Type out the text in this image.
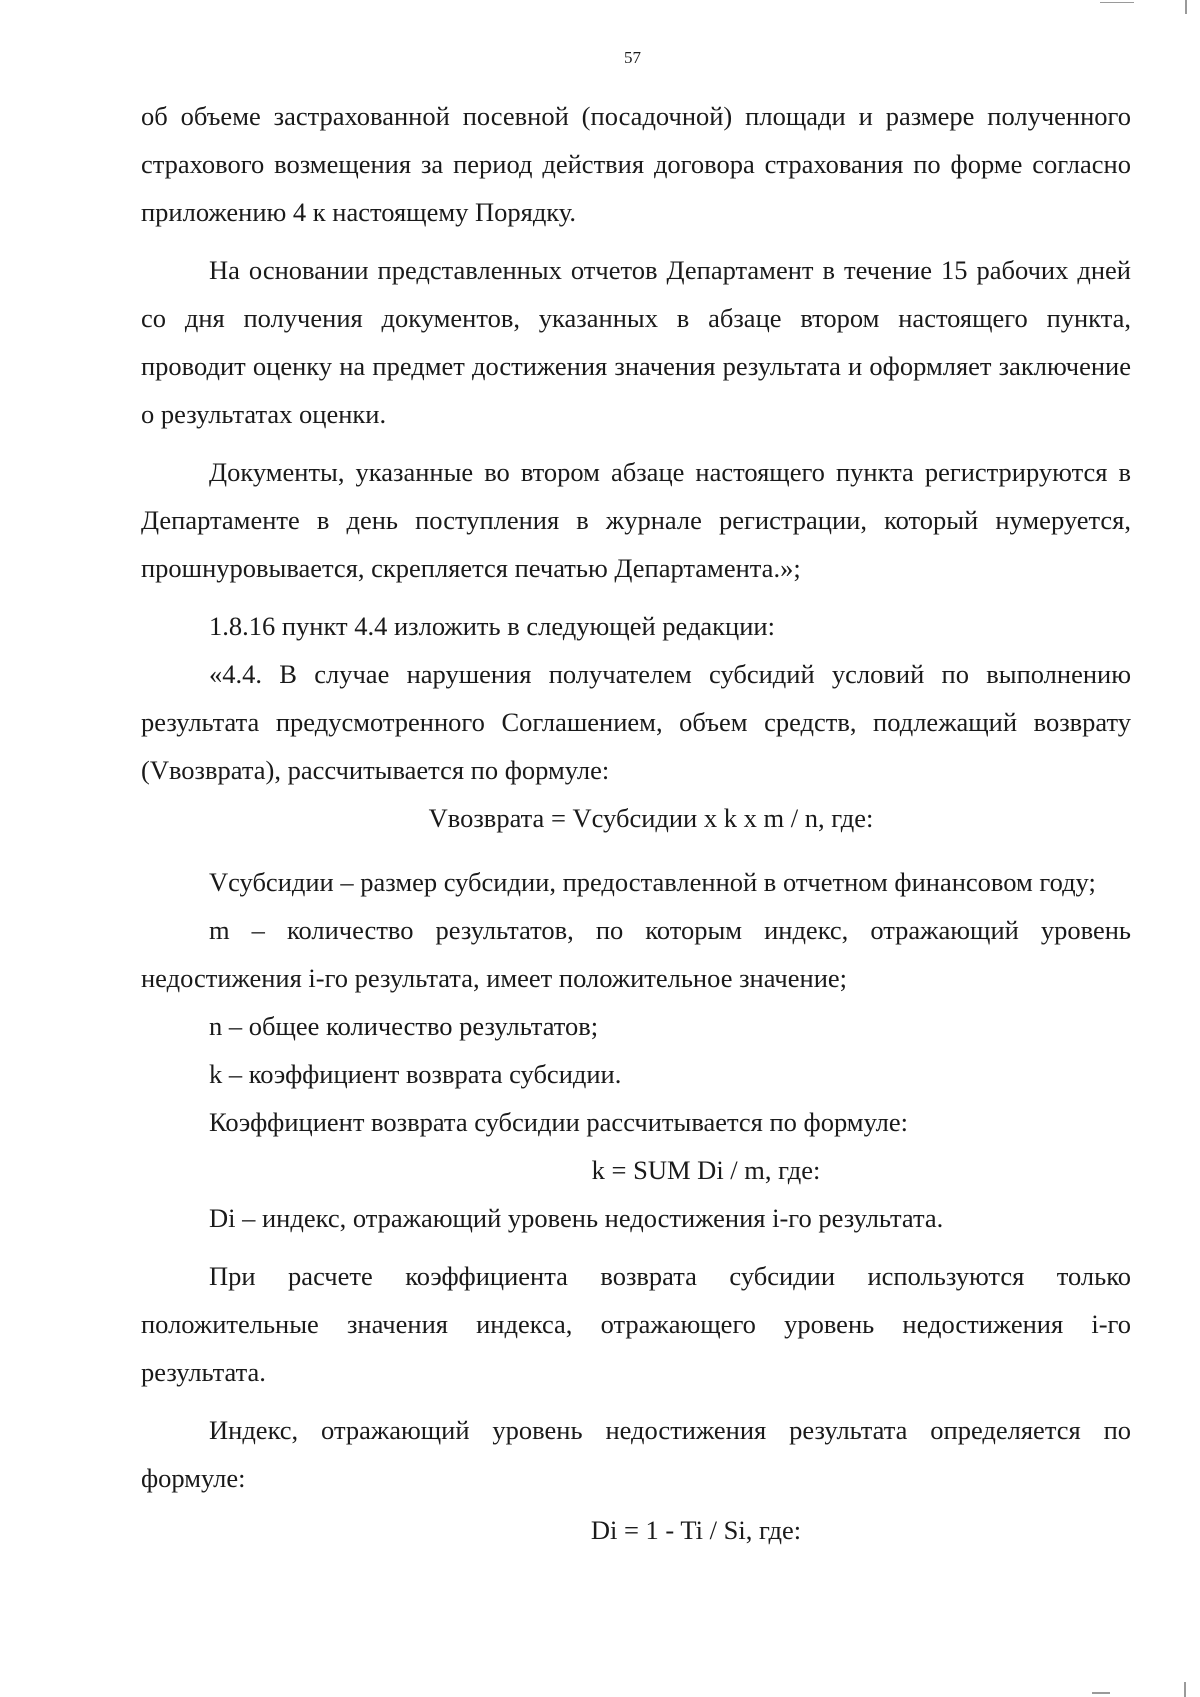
57

об объеме застрахованной посевной (посадочной) площади и размере полученного страхового возмещения за период действия договора страхования по форме согласно приложению 4 к настоящему Порядку.

На основании представленных отчетов Департамент в течение 15 рабочих дней со дня получения документов, указанных в абзаце втором настоящего пункта, проводит оценку на предмет достижения значения результата и оформляет заключение о результатах оценки.

Документы, указанные во втором абзаце настоящего пункта регистрируются в Департаменте в день поступления в журнале регистрации, который нумеруется, прошнуровывается, скрепляется печатью Департамента.»;

1.8.16 пункт 4.4 изложить в следующей редакции:

«4.4. В случае нарушения получателем субсидий условий по выполнению результата предусмотренного Соглашением, объем средств, подлежащий возврату (Vвозврата), рассчитывается по формуле:

Vвозврата = Vсубсидии x k x m / n, где:

Vсубсидии – размер субсидии, предоставленной в отчетном финансовом году;

m – количество результатов, по которым индекс, отражающий уровень недостижения i-го результата, имеет положительное значение;

n – общее количество результатов;

k – коэффициент возврата субсидии.

Коэффициент возврата субсидии рассчитывается по формуле:

k = SUM Di / m, где:

Di – индекс, отражающий уровень недостижения i-го результата.

При расчете коэффициента возврата субсидии используются только положительные значения индекса, отражающего уровень недостижения i-го результата.

Индекс, отражающий уровень недостижения результата определяется по формуле:

Di = 1 - Ti / Si, где:
